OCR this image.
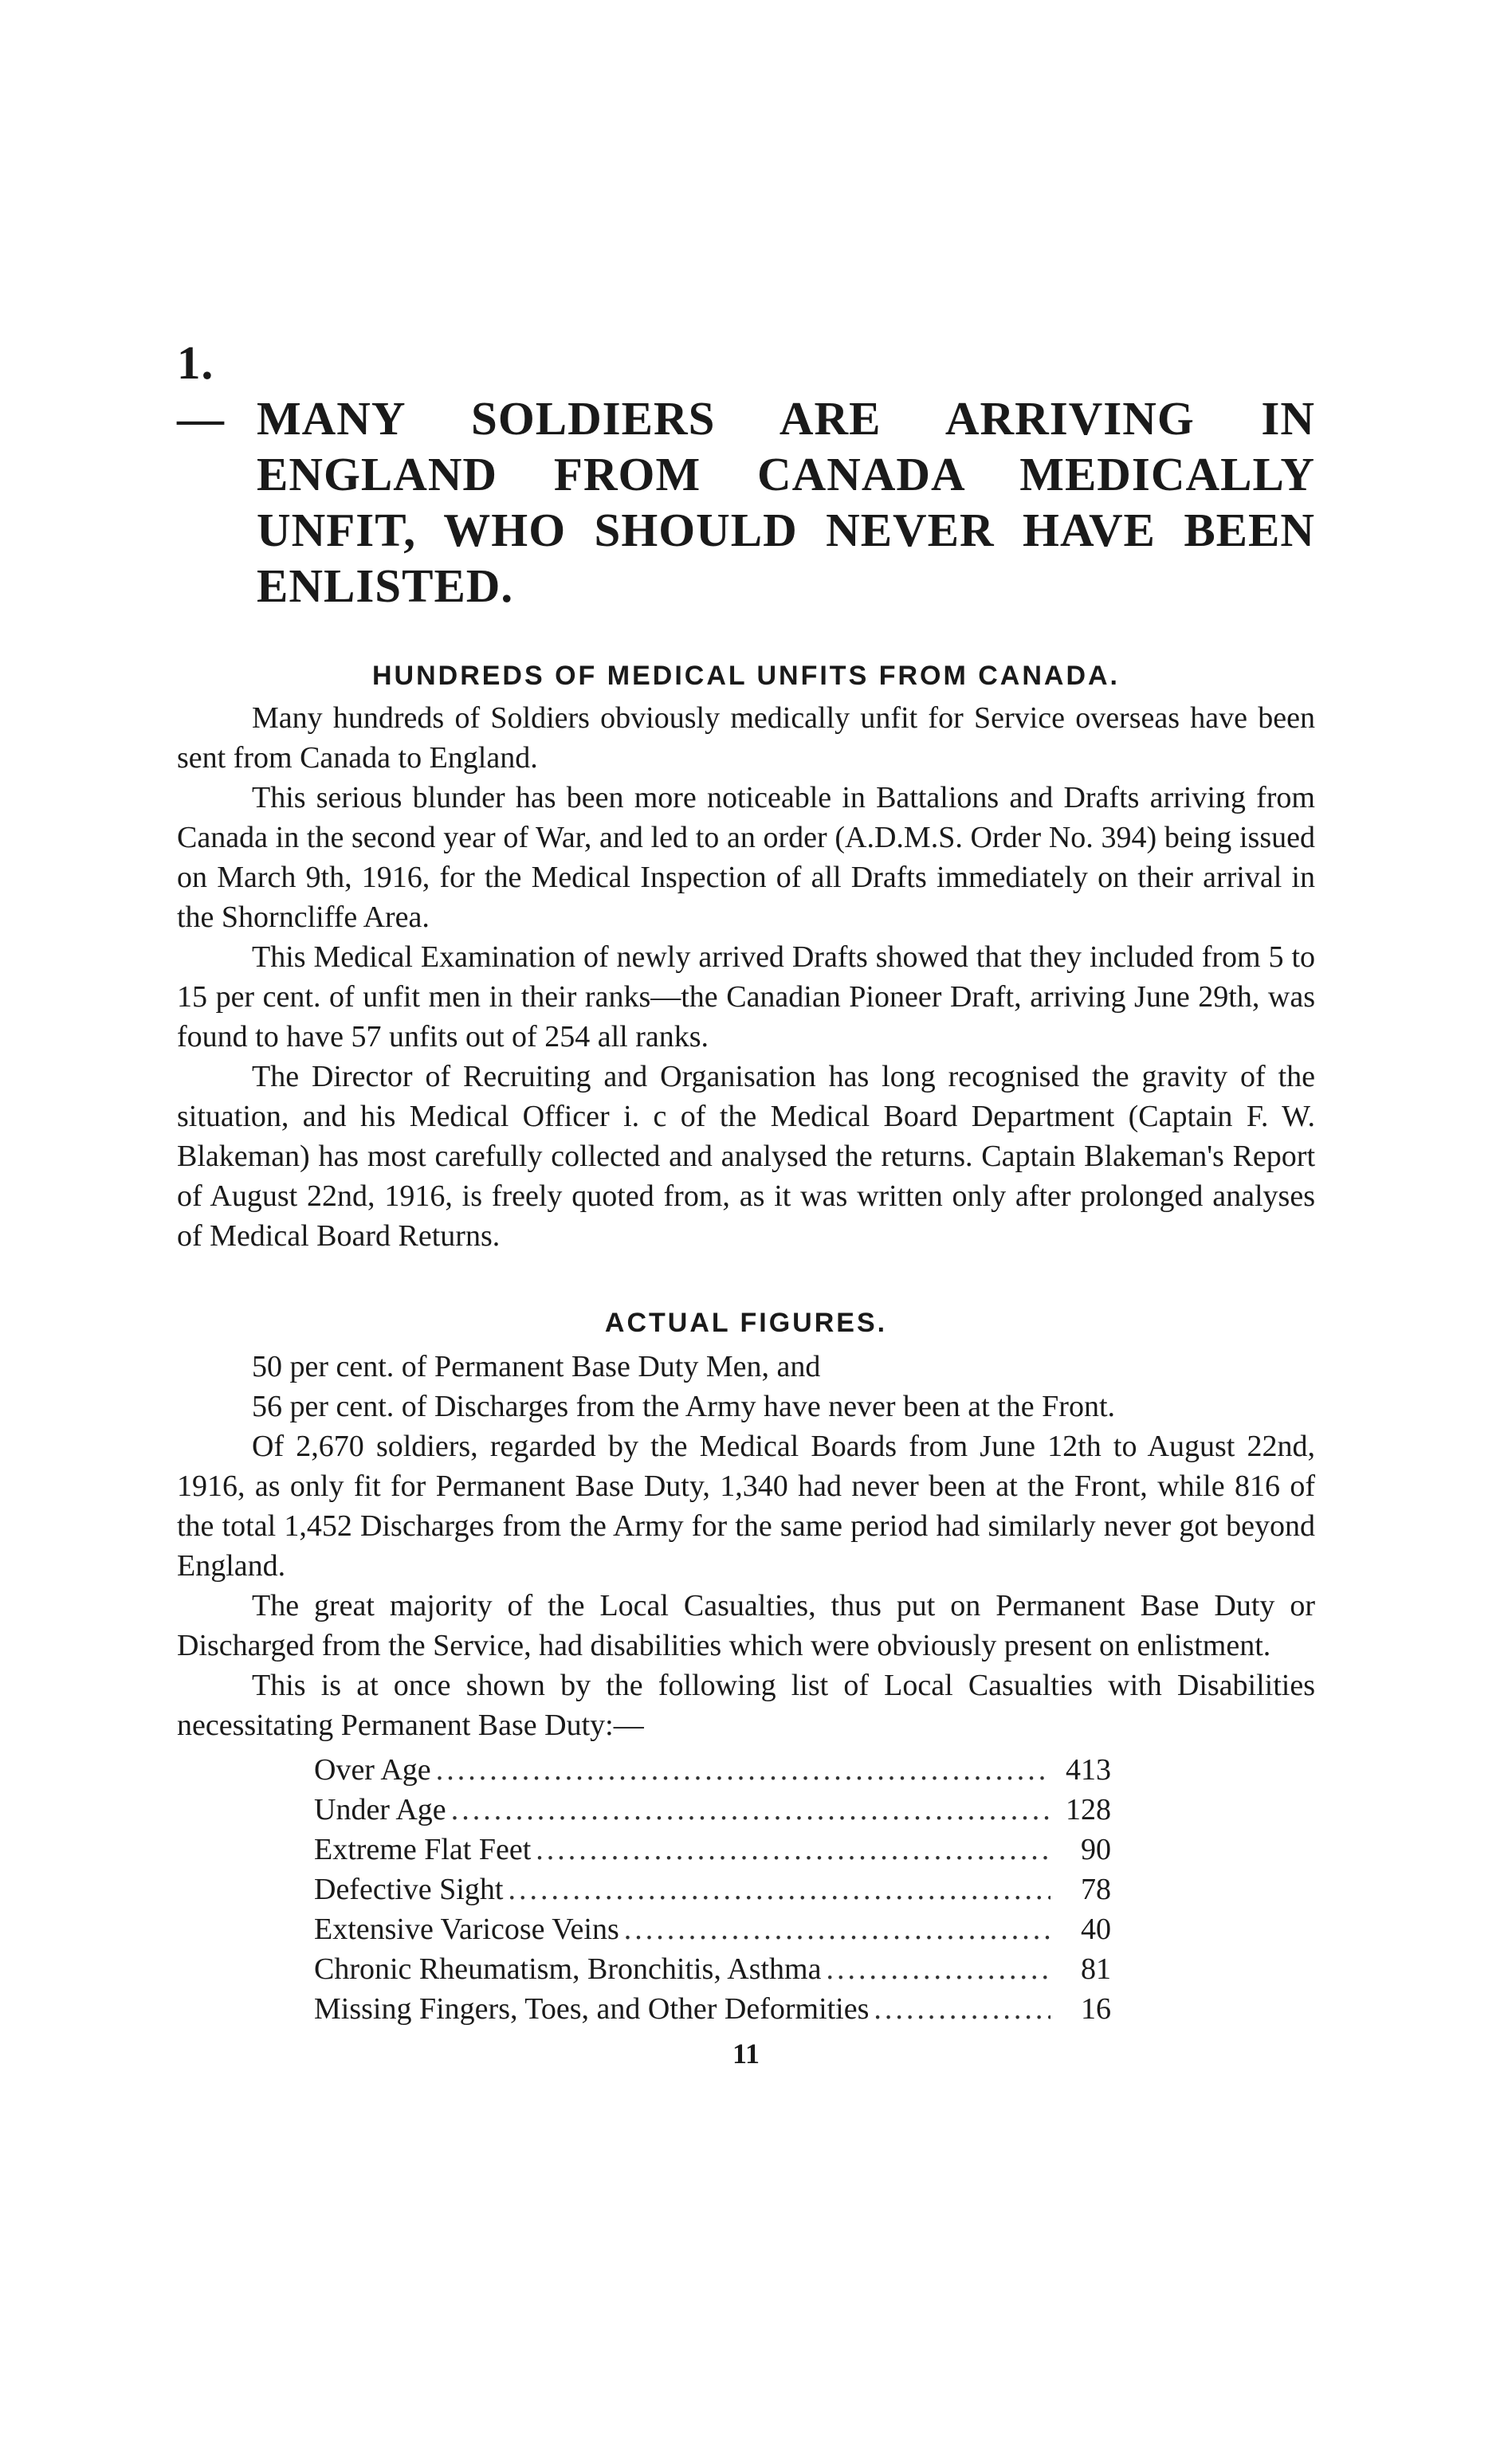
1.— MANY SOLDIERS ARE ARRIVING IN ENGLAND FROM CANADA MEDICALLY UNFIT, WHO SHOULD NEVER HAVE BEEN ENLISTED.
HUNDREDS OF MEDICAL UNFITS FROM CANADA.

Many hundreds of Soldiers obviously medically unfit for Service overseas have been sent from Canada to England.

This serious blunder has been more noticeable in Battalions and Drafts arriving from Canada in the second year of War, and led to an order (A.D.M.S. Order No. 394) being issued on March 9th, 1916, for the Medical Inspection of all Drafts immediately on their arrival in the Shorncliffe Area.

This Medical Examination of newly arrived Drafts showed that they included from 5 to 15 per cent. of unfit men in their ranks—the Canadian Pioneer Draft, arriving June 29th, was found to have 57 unfits out of 254 all ranks.

The Director of Recruiting and Organisation has long recognised the gravity of the situation, and his Medical Officer i. c of the Medical Board Department (Captain F. W. Blakeman) has most carefully collected and analysed the returns. Captain Blakeman's Report of August 22nd, 1916, is freely quoted from, as it was written only after prolonged analyses of Medical Board Returns.

ACTUAL FIGURES.

50 per cent. of Permanent Base Duty Men, and

56 per cent. of Discharges from the Army have never been at the Front.

Of 2,670 soldiers, regarded by the Medical Boards from June 12th to August 22nd, 1916, as only fit for Permanent Base Duty, 1,340 had never been at the Front, while 816 of the total 1,452 Discharges from the Army for the same period had similarly never got beyond England.

The great majority of the Local Casualties, thus put on Permanent Base Duty or Discharged from the Service, had disabilities which were obviously present on enlistment.

This is at once shown by the following list of Local Casualties with Disabilities necessitating Permanent Base Duty:—

Over Age .....	413
Under Age .....	128
Extreme Flat Feet .....	90
Defective Sight .....	78
Extensive Varicose Veins .....	40
Chronic Rheumatism, Bronchitis, Asthma .....	81
Missing Fingers, Toes, and Other Deformities .....	16
11
